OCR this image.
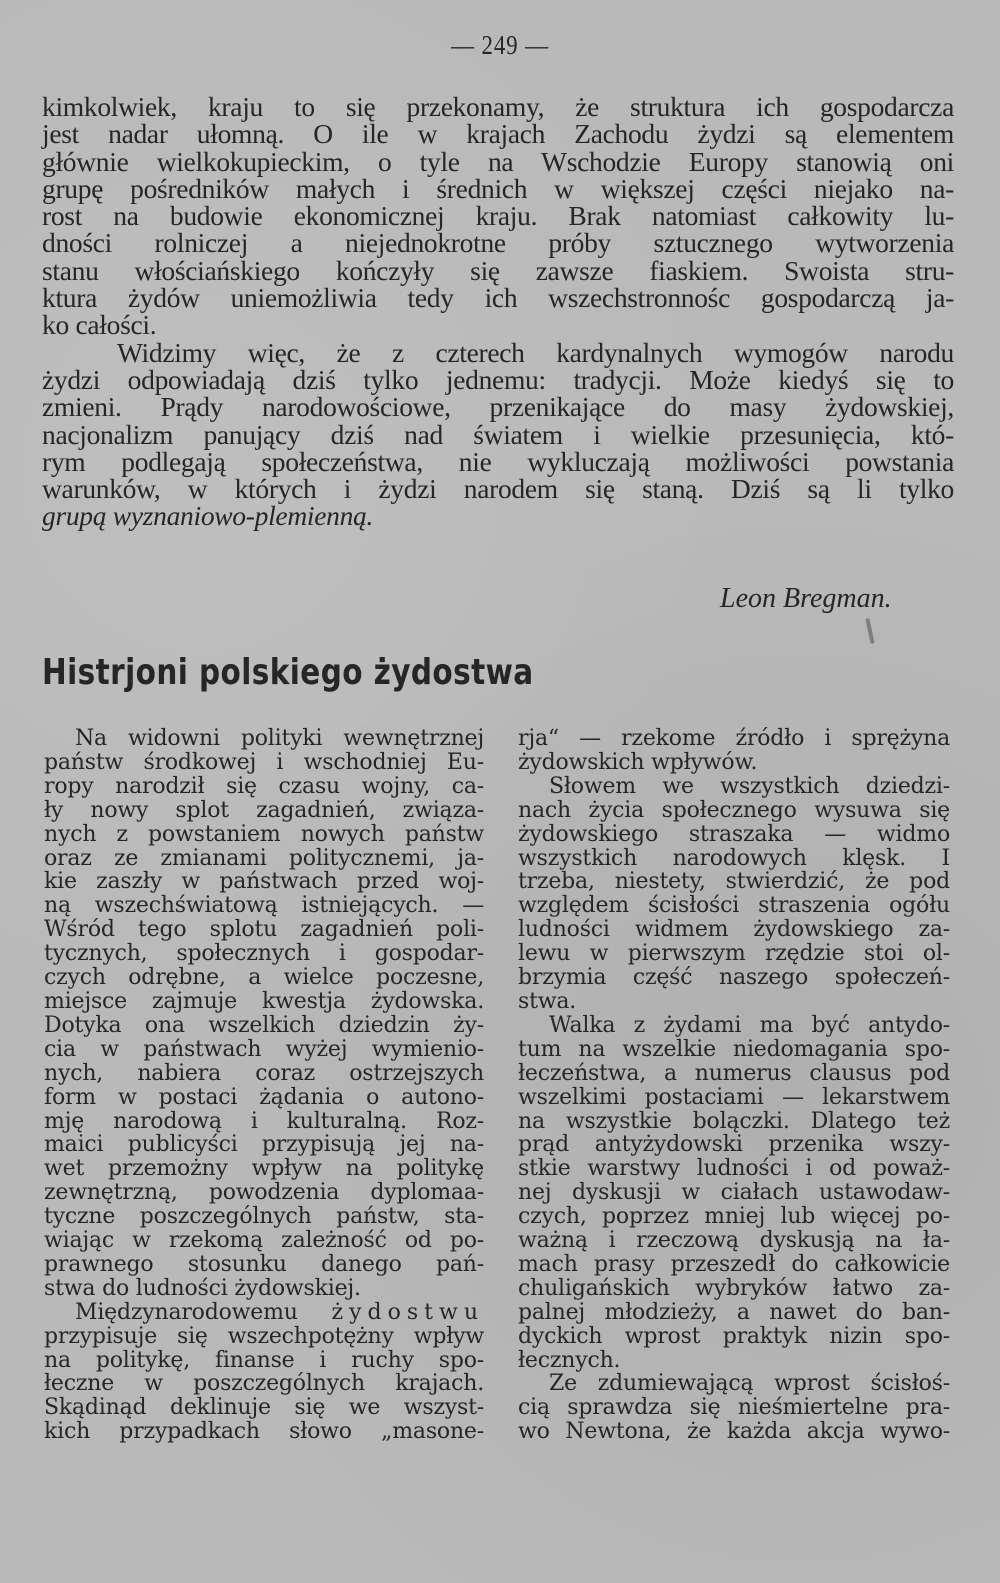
— 249 —
kimkolwiek, kraju to się przekonamy, że struktura ich gospodarcza
jest nadar ułomną. O ile w krajach Zachodu żydzi są elementem
głównie wielkokupieckim, o tyle na Wschodzie Europy stanowią oni
grupę pośredników małych i średnich w większej części niejako na-
rost na budowie ekonomicznej kraju. Brak natomiast całkowity lu-
dności rolniczej a niejednokrotne próby sztucznego wytworzenia
stanu włościańskiego kończyły się zawsze fiaskiem. Swoista stru-
ktura żydów uniemożliwia tedy ich wszechstronnośc gospodarczą ja-
ko całości.
Widzimy więc, że z czterech kardynalnych wymogów narodu
żydzi odpowiadają dziś tylko jednemu: tradycji. Może kiedyś się to
zmieni. Prądy narodowościowe, przenikające do masy żydowskiej,
nacjonalizm panujący dziś nad światem i wielkie przesunięcia, któ-
rym podlegają społeczeństwa, nie wykluczają możliwości powstania
warunków, w których i żydzi narodem się staną. Dziś są li tylko
grupą wyznaniowo-plemienną.
Leon Bregman.
Histrjoni polskiego żydostwa
Na widowni polityki wewnętrznej
państw środkowej i wschodniej Eu-
ropy narodził się czasu wojny, ca-
ły nowy splot zagadnień, związa-
nych z powstaniem nowych państw
oraz ze zmianami politycznemi, ja-
kie zaszły w państwach przed woj-
ną wszechświatową istniejących. —
Wśród tego splotu zagadnień poli-
tycznych, społecznych i gospodar-
czych odrębne, a wielce poczesne,
miejsce zajmuje kwestja żydowska.
Dotyka ona wszelkich dziedzin ży-
cia w państwach wyżej wymienio-
nych, nabiera coraz ostrzejszych
form w postaci żądania o autono-
mję narodową i kulturalną. Roz-
maici publicyści przypisują jej na-
wet przemożny wpływ na politykę
zewnętrzną, powodzenia dyplomaa-
tyczne poszczególnych państw, sta-
wiając w rzekomą zależność od po-
prawnego stosunku danego pań-
stwa do ludności żydowskiej.
Międzynarodowemu żydostwu
przypisuje się wszechpotężny wpływ
na politykę, finanse i ruchy spo-
łeczne w poszczególnych krajach.
Skądinąd deklinuje się we wszyst-
kich przypadkach słowo „masone-
rja“ — rzekome źródło i sprężyna
żydowskich wpływów.
Słowem we wszystkich dziedzi-
nach życia społecznego wysuwa się
żydowskiego straszaka — widmo
wszystkich narodowych klęsk. I
trzeba, niestety, stwierdzić, że pod
względem ścisłości straszenia ogółu
ludności widmem żydowskiego za-
lewu w pierwszym rzędzie stoi ol-
brzymia część naszego społeczeń-
stwa.
Walka z żydami ma być antydo-
tum na wszelkie niedomagania spo-
łeczeństwa, a numerus clausus pod
wszelkimi postaciami — lekarstwem
na wszystkie bolączki. Dlatego też
prąd antyżydowski przenika wszy-
stkie warstwy ludności i od poważ-
nej dyskusji w ciałach ustawodaw-
czych, poprzez mniej lub więcej po-
ważną i rzeczową dyskusją na ła-
mach prasy przeszedł do całkowicie
chuligańskich wybryków łatwo za-
palnej młodzieży, a nawet do ban-
dyckich wprost praktyk nizin spo-
łecznych.
Ze zdumiewającą wprost ścisłoś-
cią sprawdza się nieśmiertelne pra-
wo Newtona, że każda akcja wywo-
